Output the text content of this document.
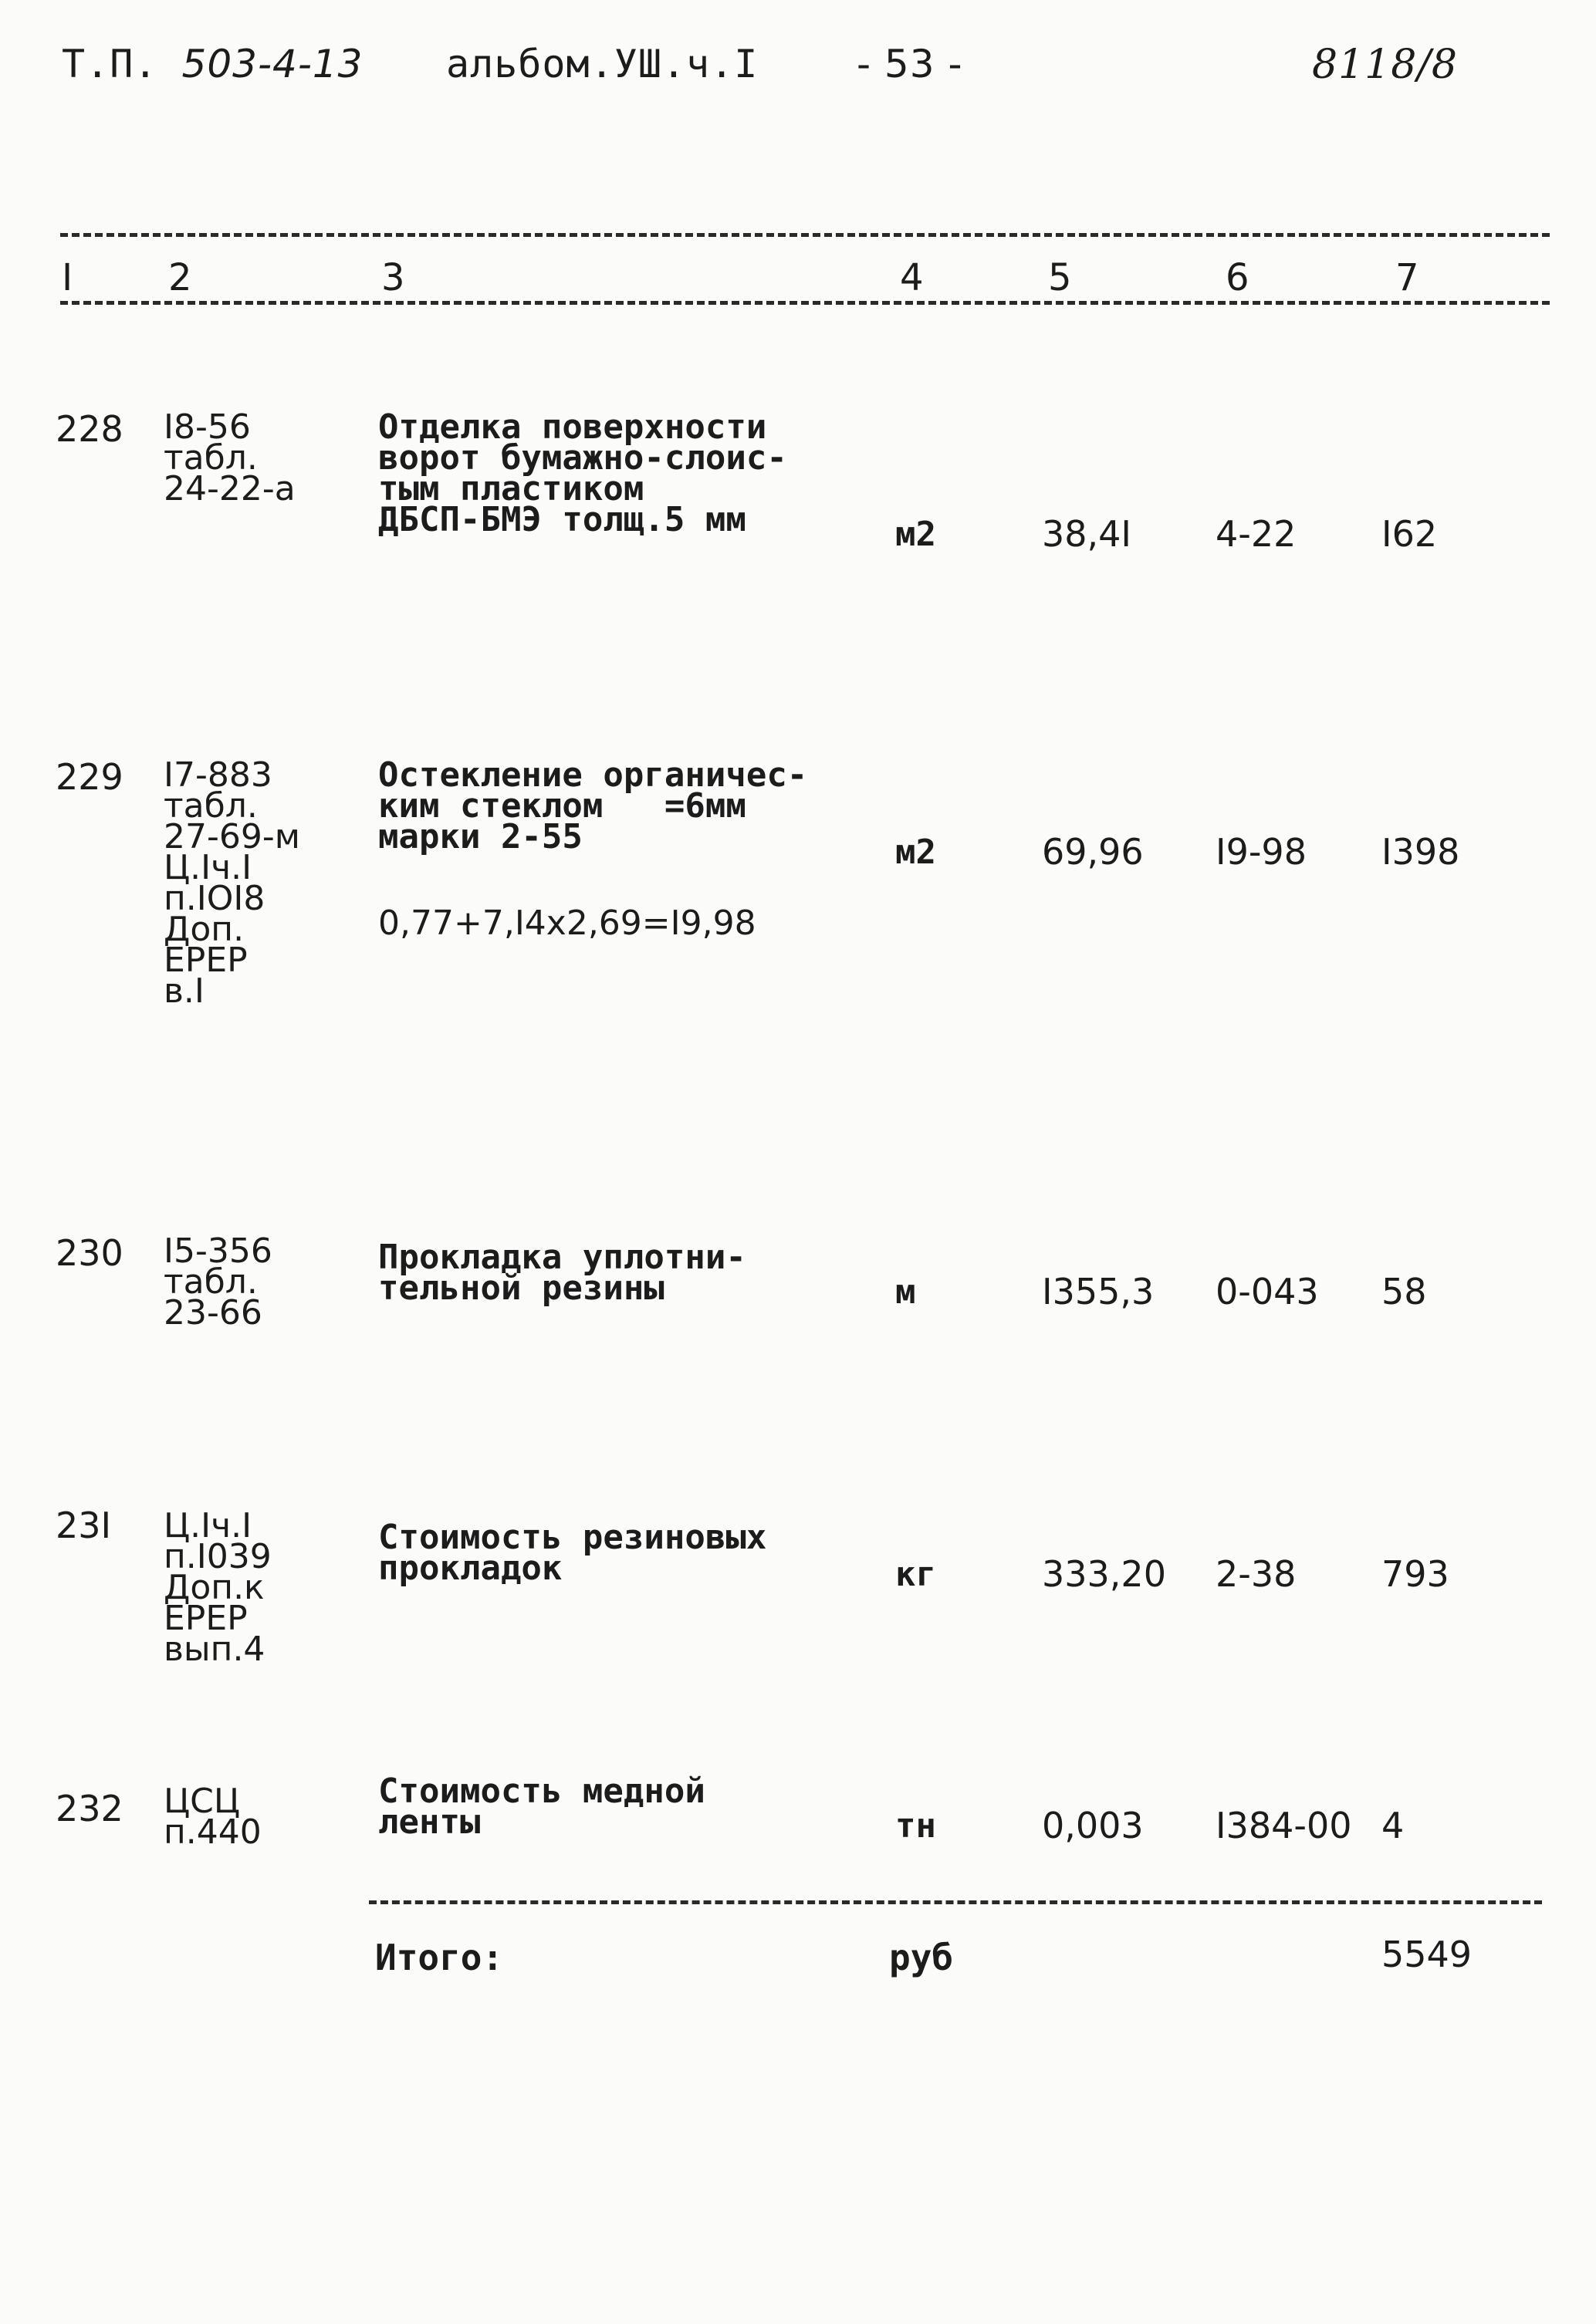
Т.П. 503-4-13 альбом.УШ.ч.I	- 53 -	8118/8
I	2	3	4	5	6	7
228 I8-56
табл.
24-22-а
Отделка поверхности
ворот бумажно-слоис-
тым пластиком
ДБСП-БМЭ толщ.5 мм	м2	38,4I 4-22 I62
229 I7-883
табл.
27-69-м
Ц.Iч.I
п.IOI8
Доп.
ЕРЕР
в.I
Остекление органичес-
ким стеклом   =6мм
марки 2-55
0,77+7,I4х2,69=I9,98
м2	69,96 I9-98 I398
230 I5-356
табл.
23-66
Прокладка уплотни-
тельной резины	м	I355,3 0-043 58
23I Ц.Iч.I
п.I039
Доп.к
ЕРЕР
вып.4
Стоимость резиновых
прокладок	кг	333,20 2-38 793
232 ЦСЦ
п.440
Стоимость медной
ленты	тн	0,003 I384-00 4
Итого:	руб	5549
